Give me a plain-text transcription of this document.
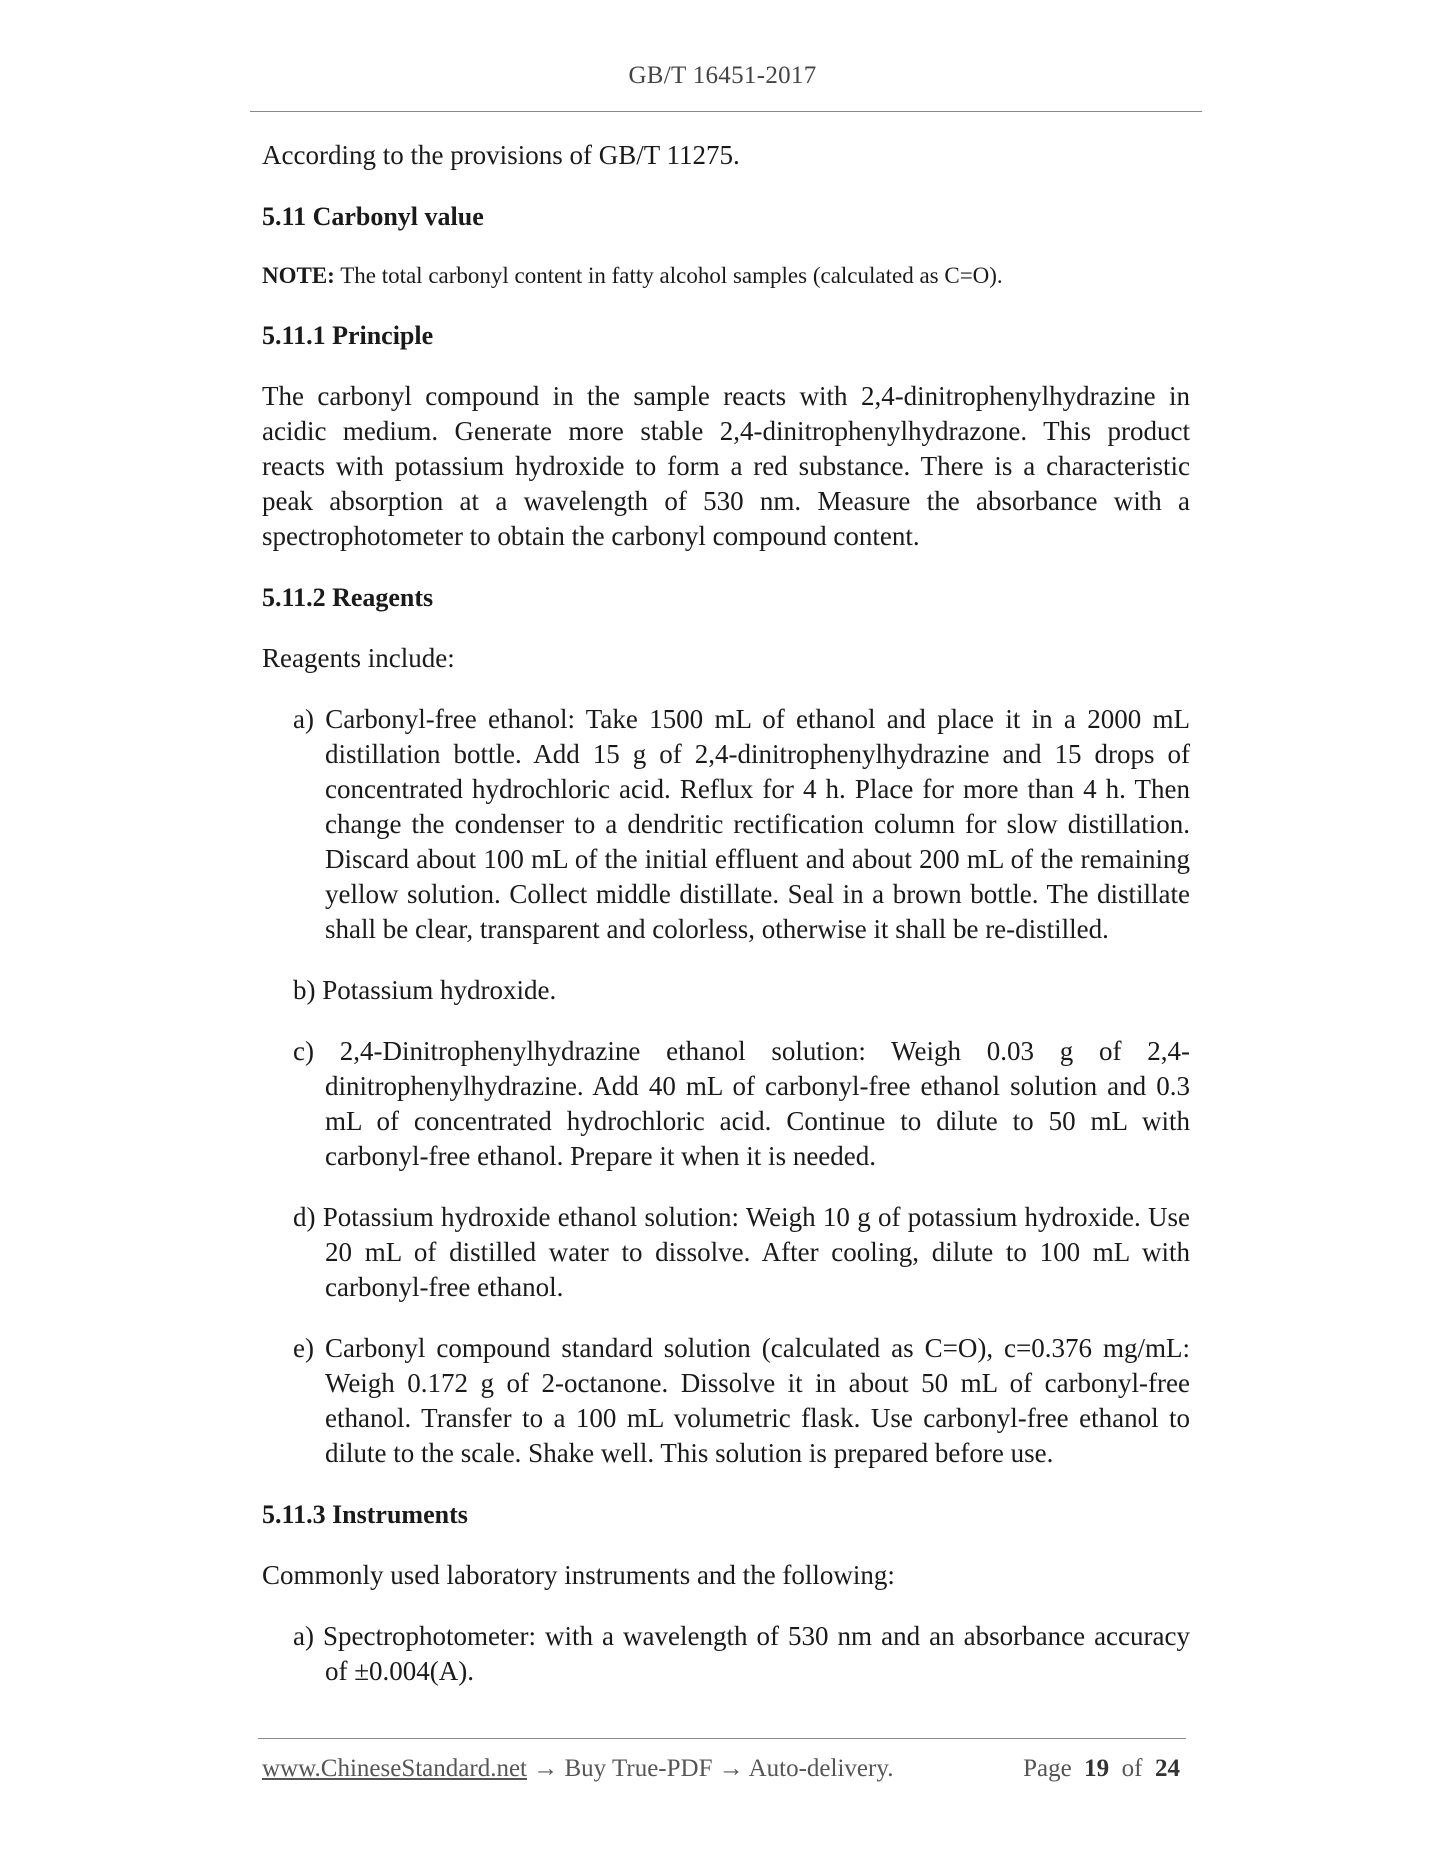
GB/T 16451-2017

According to the provisions of GB/T 11275.

5.11 Carbonyl value

NOTE: The total carbonyl content in fatty alcohol samples (calculated as C=O).

5.11.1 Principle

The carbonyl compound in the sample reacts with 2,4-dinitrophenylhydrazine in acidic medium. Generate more stable 2,4-dinitrophenylhydrazone. This product reacts with potassium hydroxide to form a red substance. There is a characteristic peak absorption at a wavelength of 530 nm. Measure the absorbance with a spectrophotometer to obtain the carbonyl compound content.

5.11.2 Reagents

Reagents include:

a) Carbonyl-free ethanol: Take 1500 mL of ethanol and place it in a 2000 mL distillation bottle. Add 15 g of 2,4-dinitrophenylhydrazine and 15 drops of concentrated hydrochloric acid. Reflux for 4 h. Place for more than 4 h. Then change the condenser to a dendritic rectification column for slow distillation. Discard about 100 mL of the initial effluent and about 200 mL of the remaining yellow solution. Collect middle distillate. Seal in a brown bottle. The distillate shall be clear, transparent and colorless, otherwise it shall be re-distilled.

b) Potassium hydroxide.

c) 2,4-Dinitrophenylhydrazine ethanol solution: Weigh 0.03 g of 2,4-dinitrophenylhydrazine. Add 40 mL of carbonyl-free ethanol solution and 0.3 mL of concentrated hydrochloric acid. Continue to dilute to 50 mL with carbonyl-free ethanol. Prepare it when it is needed.

d) Potassium hydroxide ethanol solution: Weigh 10 g of potassium hydroxide. Use 20 mL of distilled water to dissolve. After cooling, dilute to 100 mL with carbonyl-free ethanol.

e) Carbonyl compound standard solution (calculated as C=O), c=0.376 mg/mL: Weigh 0.172 g of 2-octanone. Dissolve it in about 50 mL of carbonyl-free ethanol. Transfer to a 100 mL volumetric flask. Use carbonyl-free ethanol to dilute to the scale. Shake well. This solution is prepared before use.

5.11.3 Instruments

Commonly used laboratory instruments and the following:

a) Spectrophotometer: with a wavelength of 530 nm and an absorbance accuracy of ±0.004(A).

www.ChineseStandard.net → Buy True-PDF → Auto-delivery.	Page 19 of 24
